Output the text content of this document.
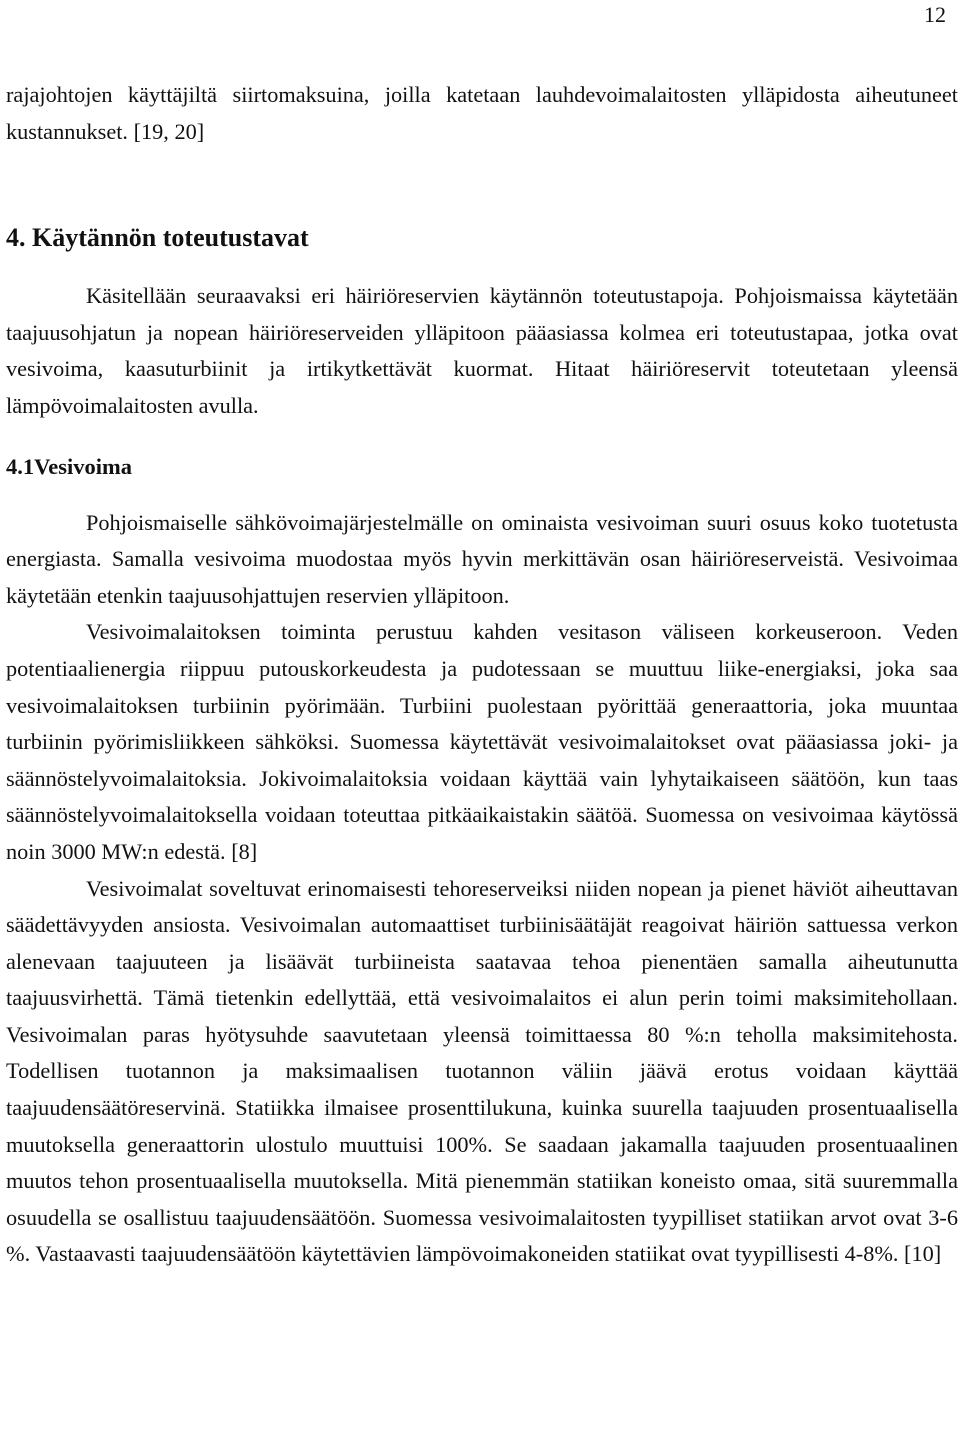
12

rajajohtojen käyttäjiltä siirtomaksuina, joilla katetaan lauhdevoimalaitosten ylläpidosta aiheutuneet kustannukset. [19, 20]

4. Käytännön toteutustavat

Käsitellään seuraavaksi eri häiriöreservien käytännön toteutustapoja. Pohjoismaissa käytetään taajuusohjatun ja nopean häiriöreserveiden ylläpitoon pääasiassa kolmea eri toteutustapaa, jotka ovat vesivoima, kaasuturbiinit ja irtikytkettävät kuormat. Hitaat häiriöreservit toteutetaan yleensä lämpövoimalaitosten avulla.

4.1Vesivoima

Pohjoismaiselle sähkövoimajärjestelmälle on ominaista vesivoiman suuri osuus koko tuotetusta energiasta. Samalla vesivoima muodostaa myös hyvin merkittävän osan häiriöreserveistä. Vesivoimaa käytetään etenkin taajuusohjattujen reservien ylläpitoon.

Vesivoimalaitoksen toiminta perustuu kahden vesitason väliseen korkeuseroon. Veden potentiaalienergia riippuu putouskorkeudesta ja pudotessaan se muuttuu liike-energiaksi, joka saa vesivoimalaitoksen turbiinin pyörimään. Turbiini puolestaan pyörittää generaattoria, joka muuntaa turbiinin pyörimisliikkeen sähköksi. Suomessa käytettävät vesivoimalaitokset ovat pääasiassa joki- ja säännöstelyvoimalaitoksia. Jokivoimalaitoksia voidaan käyttää vain lyhytaikaiseen säätöön, kun taas säännöstelyvoimalaitoksella voidaan toteuttaa pitkäaikaistakin säätöä. Suomessa on vesivoimaa käytössä noin 3000 MW:n edestä. [8]

Vesivoimalat soveltuvat erinomaisesti tehoreserveiksi niiden nopean ja pienet häviöt aiheuttavan säädettävyyden ansiosta. Vesivoimalan automaattiset turbiinisäätäjät reagoivat häiriön sattuessa verkon alenevaan taajuuteen ja lisäävät turbiineista saatavaa tehoa pienentäen samalla aiheutunutta taajuusvirhettä. Tämä tietenkin edellyttää, että vesivoimalaitos ei alun perin toimi maksimitehollaan. Vesivoimalan paras hyötysuhde saavutetaan yleensä toimittaessa 80 %:n teholla maksimitehosta. Todellisen tuotannon ja maksimaalisen tuotannon väliin jäävä erotus voidaan käyttää taajuudensäätöreservinä. Statiikka ilmaisee prosenttilukuna, kuinka suurella taajuuden prosentuaalisella muutoksella generaattorin ulostulo muuttuisi 100%. Se saadaan jakamalla taajuuden prosentuaalinen muutos tehon prosentuaalisella muutoksella. Mitä pienemmän statiikan koneisto omaa, sitä suuremmalla osuudella se osallistuu taajuudensäätöön. Suomessa vesivoimalaitosten tyypilliset statiikan arvot ovat 3-6 %. Vastaavasti taajuudensäätöön käytettävien lämpövoimakoneiden statiikat ovat tyypillisesti 4-8%. [10]
